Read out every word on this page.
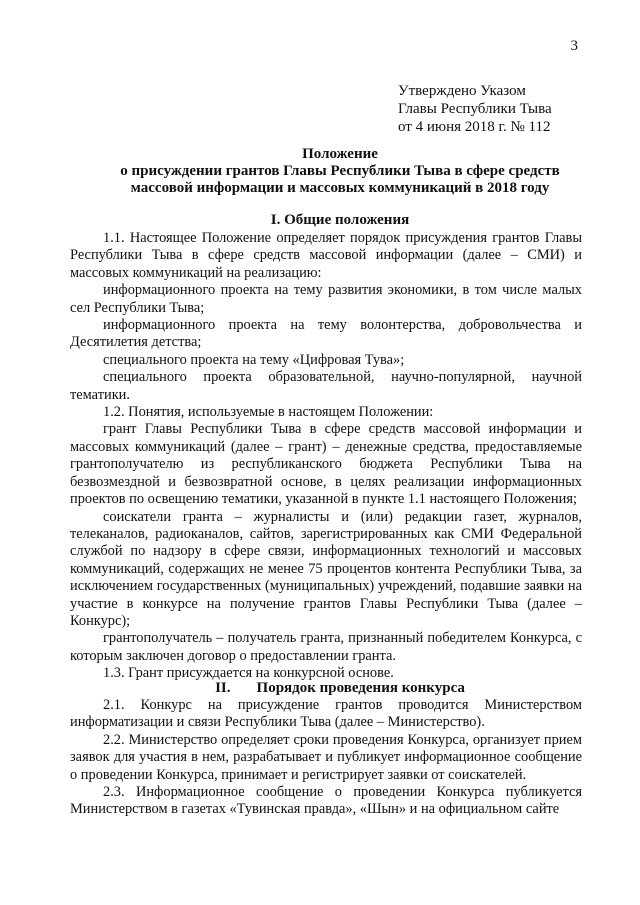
3
Утверждено Указом
Главы Республики Тыва
от 4 июня 2018 г. № 112
Положение
о присуждении грантов Главы Республики Тыва в сфере средств
массовой информации и массовых коммуникаций в 2018 году
I. Общие положения

1.1. Настоящее Положение определяет порядок присуждения грантов Главы Республики Тыва в сфере средств массовой информации (далее – СМИ) и массовых коммуникаций на реализацию:

информационного проекта на тему развития экономики, в том числе малых сел Республики Тыва;

информационного проекта на тему волонтерства, добровольчества и Десятилетия детства;

специального проекта на тему «Цифровая Тува»;

специального проекта образовательной, научно-популярной, научной тематики.

1.2. Понятия, используемые в настоящем Положении:

грант Главы Республики Тыва в сфере средств массовой информации и массовых коммуникаций (далее – грант) – денежные средства, предоставляемые грантополучателю из республиканского бюджета Республики Тыва на безвозмездной и безвозвратной основе, в целях реализации информационных проектов по освещению тематики, указанной в пункте 1.1 настоящего Положения;

соискатели гранта – журналисты и (или) редакции газет, журналов, телеканалов, радиоканалов, сайтов, зарегистрированных как СМИ Федеральной службой по надзору в сфере связи, информационных технологий и массовых коммуникаций, содержащих не менее 75 процентов контента Республики Тыва, за исключением государственных (муниципальных) учреждений, подавшие заявки на участие в конкурсе на получение грантов Главы Республики Тыва (далее – Конкурс);

грантополучатель – получатель гранта, признанный победителем Конкурса, с которым заключен договор о предоставлении гранта.

1.3. Грант присуждается на конкурсной основе.

II. Порядок проведения конкурса

2.1. Конкурс на присуждение грантов проводится Министерством информатизации и связи Республики Тыва (далее – Министерство).

2.2. Министерство определяет сроки проведения Конкурса, организует прием заявок для участия в нем, разрабатывает и публикует информационное сообщение о проведении Конкурса, принимает и регистрирует заявки от соискателей.

2.3. Информационное сообщение о проведении Конкурса публикуется Министерством в газетах «Тувинская правда», «Шын» и на официальном сайте
